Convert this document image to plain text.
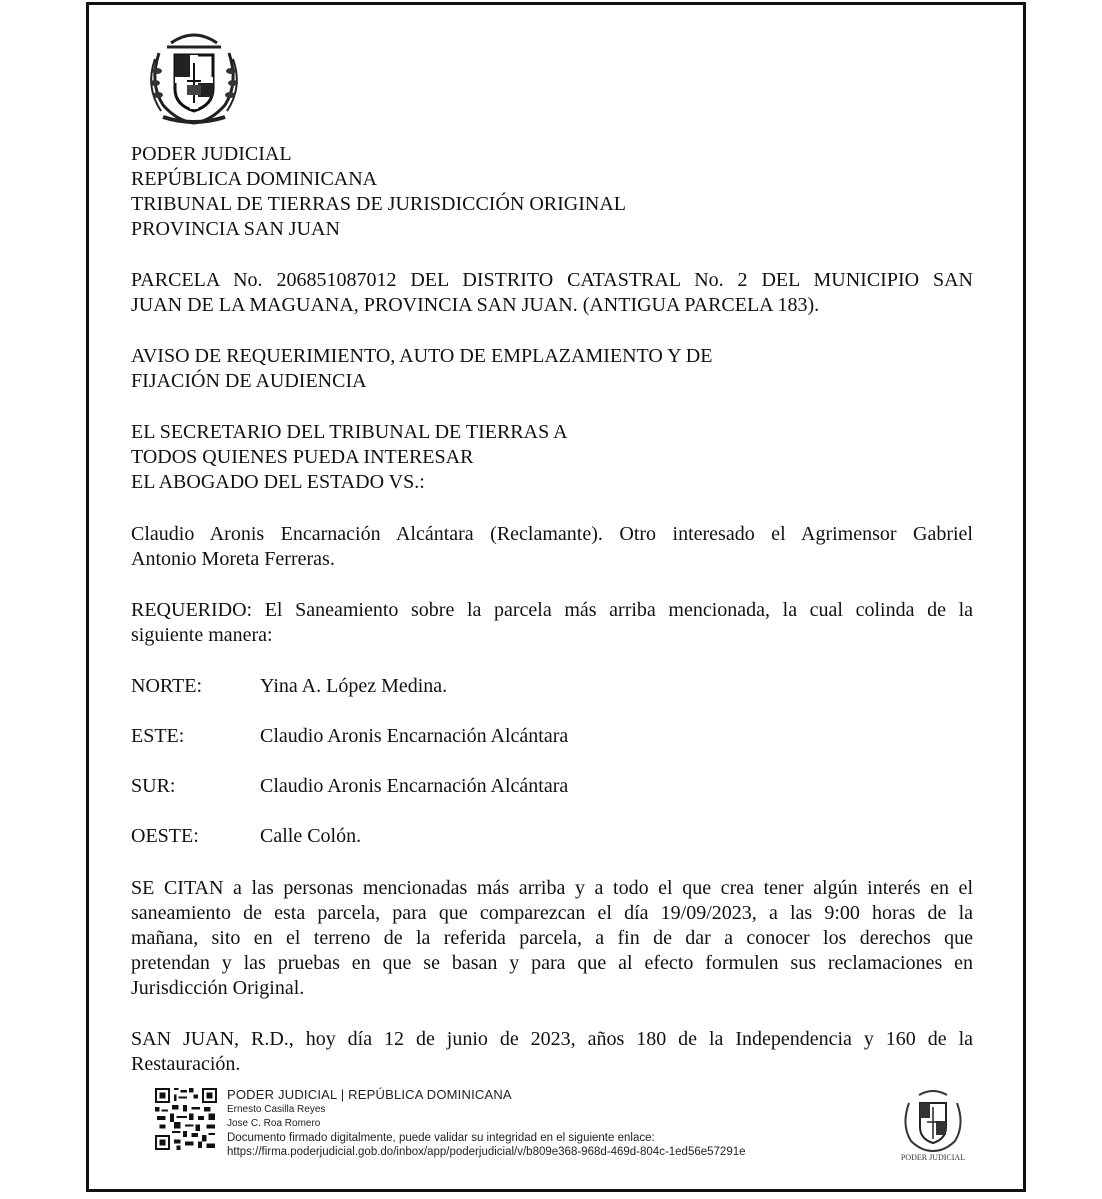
PODER JUDICIAL
REPÚBLICA DOMINICANA
TRIBUNAL DE TIERRAS DE JURISDICCIÓN ORIGINAL
PROVINCIA SAN JUAN
PARCELA No. 206851087012 DEL DISTRITO CATASTRAL No. 2 DEL MUNICIPIO SAN
JUAN DE LA MAGUANA, PROVINCIA SAN JUAN. (ANTIGUA PARCELA 183).
AVISO DE REQUERIMIENTO, AUTO DE EMPLAZAMIENTO Y DE
FIJACIÓN DE AUDIENCIA
EL SECRETARIO DEL TRIBUNAL DE TIERRAS A
TODOS QUIENES PUEDA INTERESAR
EL ABOGADO DEL ESTADO VS.:
Claudio Aronis Encarnación Alcántara (Reclamante). Otro interesado el Agrimensor Gabriel
Antonio Moreta Ferreras.
REQUERIDO: El Saneamiento sobre la parcela más arriba mencionada, la cual colinda de la
siguiente manera:
NORTE:	Yina A. López Medina.
ESTE:	Claudio Aronis Encarnación Alcántara
SUR:	Claudio Aronis Encarnación Alcántara
OESTE:	Calle Colón.
SE CITAN a las personas mencionadas más arriba y a todo el que crea tener algún interés en el
saneamiento de esta parcela, para que comparezcan el día 19/09/2023, a las 9:00 horas de la
mañana, sito en el terreno de la referida parcela, a fin de dar a conocer los derechos que
pretendan y las pruebas en que se basan y para que al efecto formulen sus reclamaciones en
Jurisdicción Original.
SAN JUAN, R.D., hoy día 12 de junio de 2023, años 180 de la Independencia y 160 de la
Restauración.
PODER JUDICIAL | REPÚBLICA DOMINICANA
Ernesto Casilla Reyes
Jose C. Roa Romero
Documento firmado digitalmente, puede validar su integridad en el siguiente enlace:
https://firma.poderjudicial.gob.do/inbox/app/poderjudicial/v/b809e368-968d-469d-804c-1ed56e57291e	PODER JUDICIAL
